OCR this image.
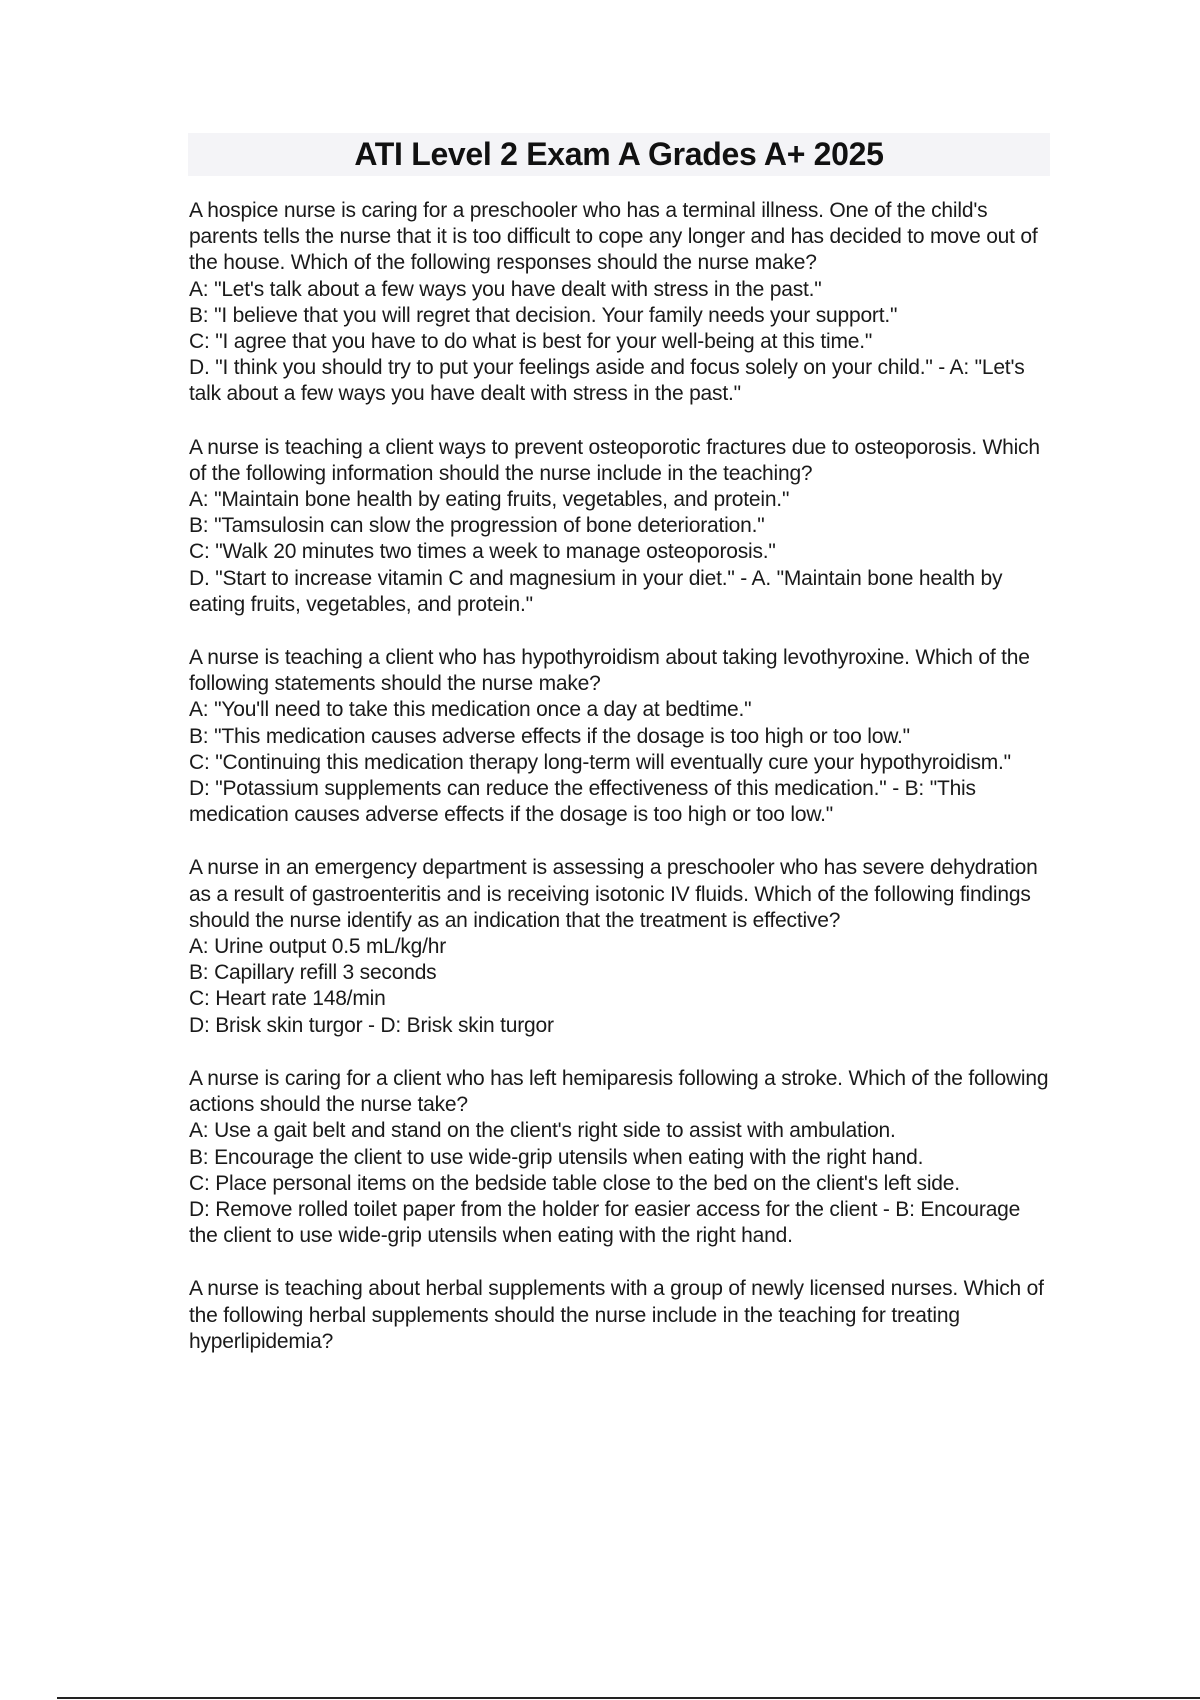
ATI Level 2 Exam A Grades A+ 2025

A hospice nurse is caring for a preschooler who has a terminal illness. One of the child's parents tells the nurse that it is too difficult to cope any longer and has decided to move out of the house. Which of the following responses should the nurse make?

A: "Let's talk about a few ways you have dealt with stress in the past."

B: "I believe that you will regret that decision. Your family needs your support."

C: "I agree that you have to do what is best for your well-being at this time."

D. "I think you should try to put your feelings aside and focus solely on your child." - A: "Let's talk about a few ways you have dealt with stress in the past."

A nurse is teaching a client ways to prevent osteoporotic fractures due to osteoporosis. Which of the following information should the nurse include in the teaching?

A: "Maintain bone health by eating fruits, vegetables, and protein."

B: "Tamsulosin can slow the progression of bone deterioration."

C: "Walk 20 minutes two times a week to manage osteoporosis."

D. "Start to increase vitamin C and magnesium in your diet." - A. "Maintain bone health by eating fruits, vegetables, and protein."

A nurse is teaching a client who has hypothyroidism about taking levothyroxine. Which of the following statements should the nurse make?

A: "You'll need to take this medication once a day at bedtime."

B: "This medication causes adverse effects if the dosage is too high or too low."

C: "Continuing this medication therapy long-term will eventually cure your hypothyroidism."

D: "Potassium supplements can reduce the effectiveness of this medication." - B: "This medication causes adverse effects if the dosage is too high or too low."

A nurse in an emergency department is assessing a preschooler who has severe dehydration as a result of gastroenteritis and is receiving isotonic IV fluids. Which of the following findings should the nurse identify as an indication that the treatment is effective?

A: Urine output 0.5 mL/kg/hr

B: Capillary refill 3 seconds

C: Heart rate 148/min

D: Brisk skin turgor - D: Brisk skin turgor

A nurse is caring for a client who has left hemiparesis following a stroke. Which of the following actions should the nurse take?

A: Use a gait belt and stand on the client's right side to assist with ambulation.

B: Encourage the client to use wide-grip utensils when eating with the right hand.

C: Place personal items on the bedside table close to the bed on the client's left side.

D: Remove rolled toilet paper from the holder for easier access for the client - B: Encourage the client to use wide-grip utensils when eating with the right hand.

A nurse is teaching about herbal supplements with a group of newly licensed nurses. Which of the following herbal supplements should the nurse include in the teaching for treating hyperlipidemia?
